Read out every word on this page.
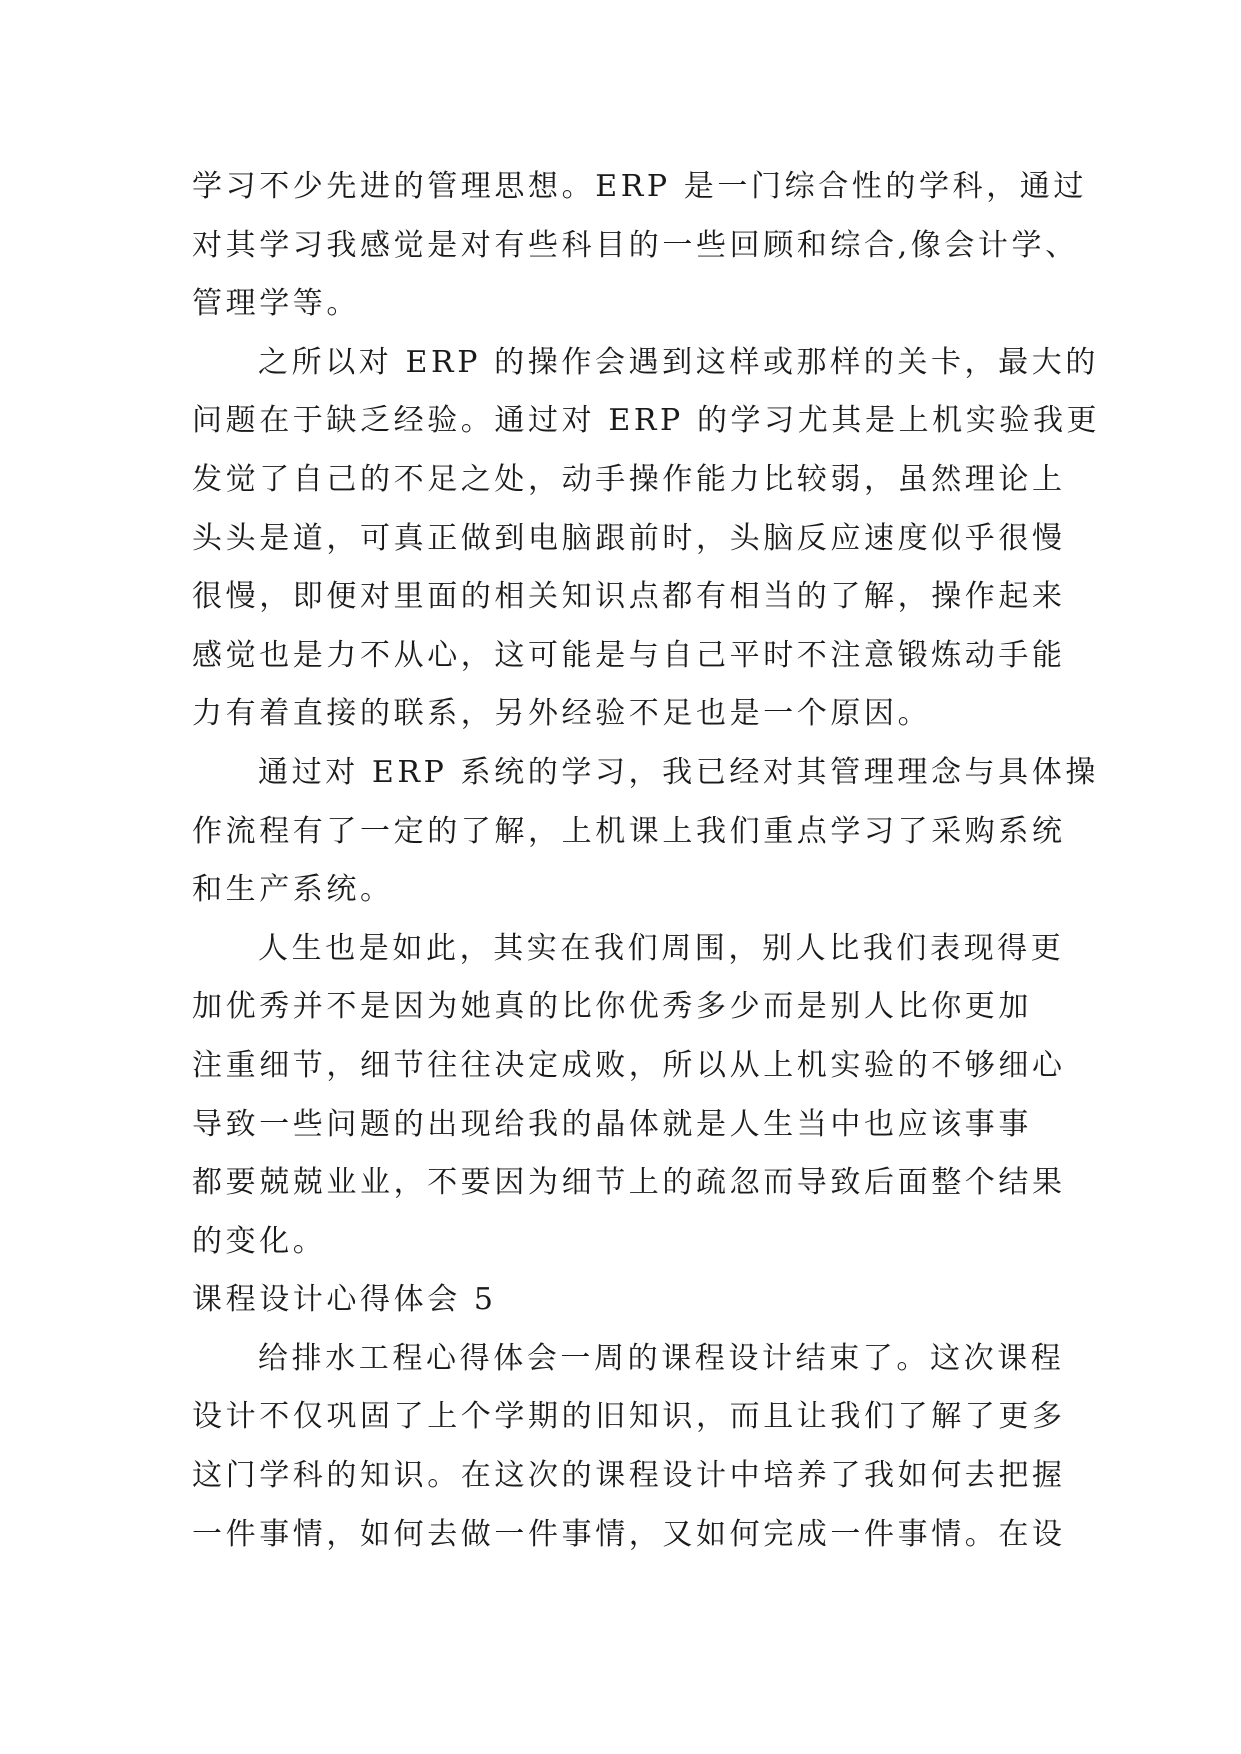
学习不少先进的管理思想。ERP 是一门综合性的学科，通过
对其学习我感觉是对有些科目的一些回顾和综合,像会计学、
管理学等。
之所以对 ERP 的操作会遇到这样或那样的关卡，最大的
问题在于缺乏经验。通过对 ERP 的学习尤其是上机实验我更
发觉了自己的不足之处，动手操作能力比较弱，虽然理论上
头头是道，可真正做到电脑跟前时，头脑反应速度似乎很慢
很慢，即便对里面的相关知识点都有相当的了解，操作起来
感觉也是力不从心，这可能是与自己平时不注意锻炼动手能
力有着直接的联系，另外经验不足也是一个原因。
通过对 ERP 系统的学习，我已经对其管理理念与具体操
作流程有了一定的了解，上机课上我们重点学习了采购系统
和生产系统。
人生也是如此，其实在我们周围，别人比我们表现得更
加优秀并不是因为她真的比你优秀多少而是别人比你更加
注重细节，细节往往决定成败，所以从上机实验的不够细心
导致一些问题的出现给我的晶体就是人生当中也应该事事
都要兢兢业业，不要因为细节上的疏忽而导致后面整个结果
的变化。
课程设计心得体会 5
给排水工程心得体会一周的课程设计结束了。这次课程
设计不仅巩固了上个学期的旧知识，而且让我们了解了更多
这门学科的知识。在这次的课程设计中培养了我如何去把握
一件事情，如何去做一件事情，又如何完成一件事情。在设
